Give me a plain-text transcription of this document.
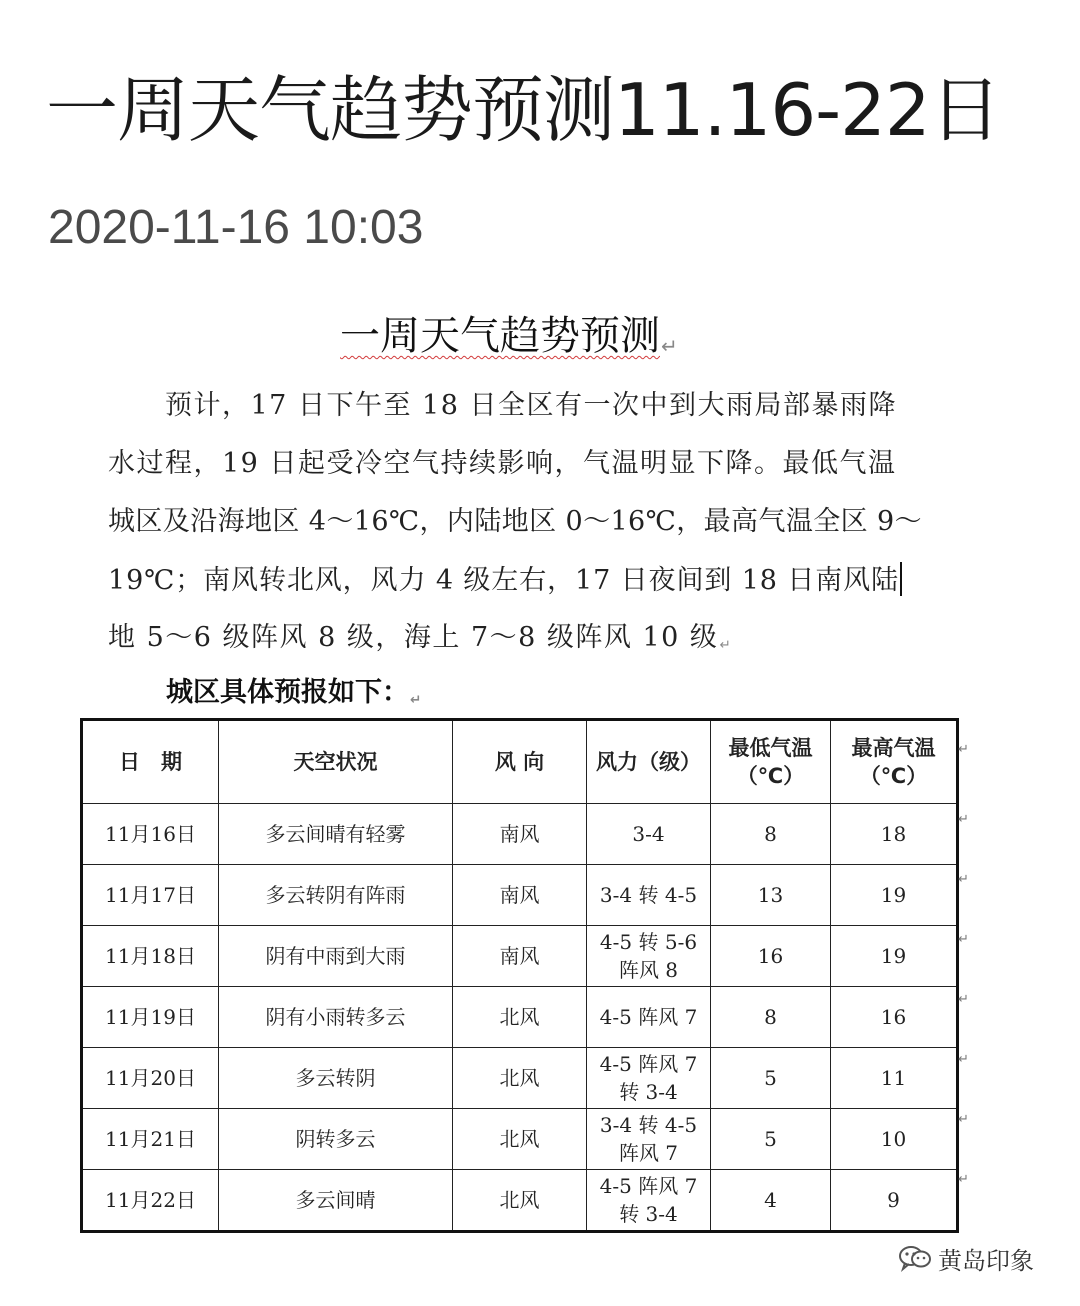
一周天气趋势预测11.16-22日
2020-11-16 10:03
一周天气趋势预测↵
　　预计，17 日下午至 18 日全区有一次中到大雨局部暴雨降
水过程，19 日起受冷空气持续影响，气温明显下降。最低气温
城区及沿海地区 4～16℃，内陆地区 0～16℃，最高气温全区 9～
19℃；南风转北风，风力 4 级左右，17 日夜间到 18 日南风陆
地 5～6 级阵风 8 级，海上 7～8 级阵风 10 级↵
城区具体预报如下：↵
日　期	天空状况	风 向	风力（级）	最低气温（℃）	最高气温（℃）
11月16日	多云间晴有轻雾	南风	3-4	8	18
11月17日	多云转阴有阵雨	南风	3-4 转 4-5	13	19
11月18日	阴有中雨到大雨	南风	4-5 转 5-6 阵风 8	16	19
11月19日	阴有小雨转多云	北风	4-5 阵风 7	8	16
11月20日	多云转阴	北风	4-5 阵风 7 转 3-4	5	11
11月21日	阴转多云	北风	3-4 转 4-5 阵风 7	5	10
11月22日	多云间晴	北风	4-5 阵风 7 转 3-4	4	9
↵
↵
↵
↵
↵
↵
↵
↵
黄岛印象
